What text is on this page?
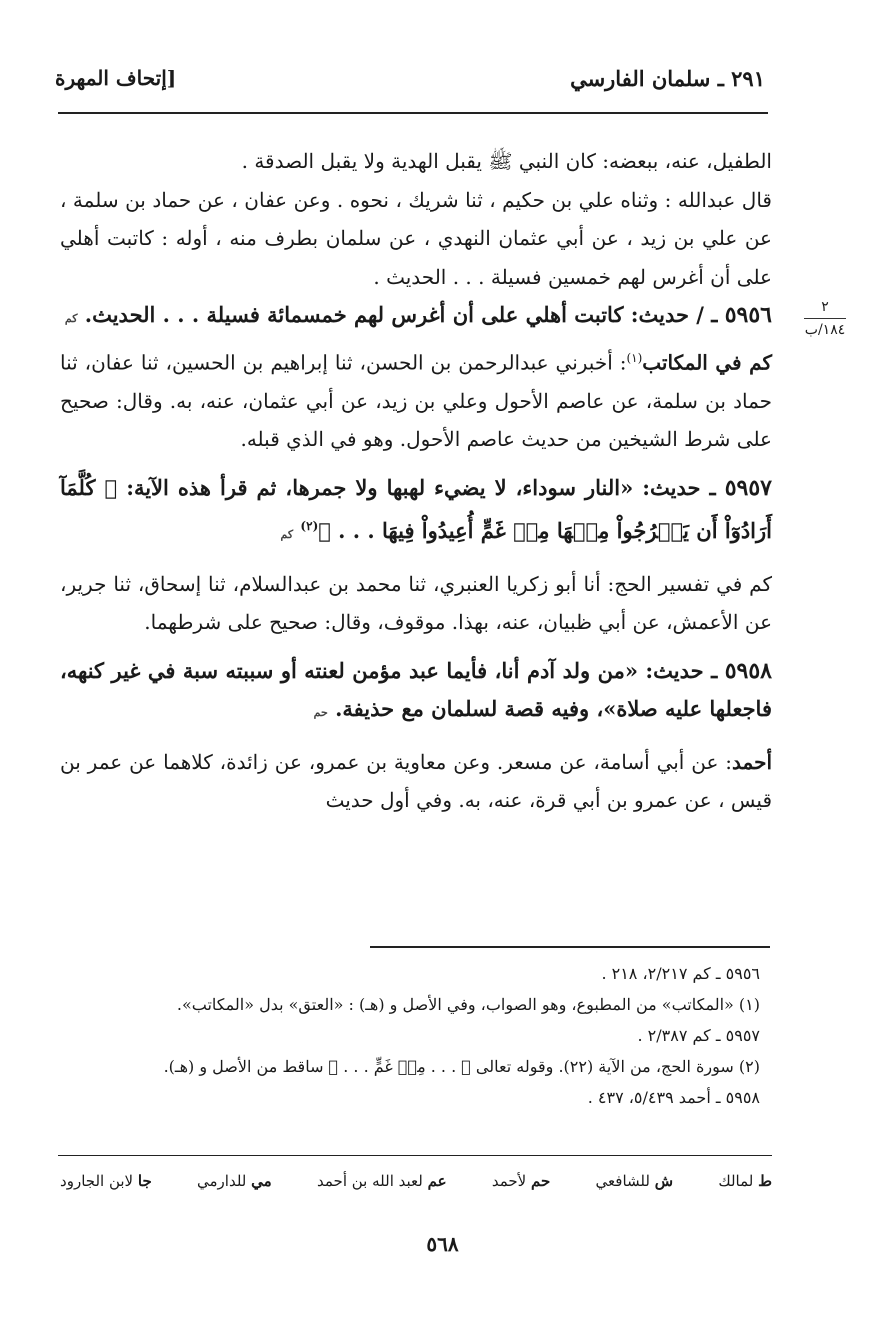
٢٩١ ـ سلمان الفارسي
[إتحاف المهرة
٢
١٨٤/ب

الطفيل، عنه، ببعضه: كان النبي ﷺ يقبل الهدية ولا يقبل الصدقة .

قال عبدالله : وثناه علي بن حكيم ، ثنا شريك ، نحوه . وعن عفان ، عن حماد بن سلمة ، عن علي بن زيد ، عن أبي عثمان النهدي ، عن سلمان بطرف منه ، أوله : كاتبت أهلي على أن أغرس لهم خمسين فسيلة . . . الحديث .

٥٩٥٦ ـ / حديث: كاتبت أهلي على أن أغرس لهم خمسمائة فسيلة . . . الحديث. كم

كم في المكاتب$^{(١)}$: أخبرني عبدالرحمن بن الحسن، ثنا إبراهيم بن الحسين، ثنا عفان، ثنا حماد بن سلمة، عن عاصم الأحول وعلي بن زيد، عن أبي عثمان، عنه، به. وقال: صحيح على شرط الشيخين من حديث عاصم الأحول. وهو في الذي قبله.

٥٩٥٧ ـ حديث: «النار سوداء، لا يضيء لهبها ولا جمرها، ثم قرأ هذه الآية: ﴿ كُلَّمَآ أَرَادُوٓاْ أَن يَخۡرُجُواْ مِنۡهَا مِنۡ غَمٍّ أُعِيدُواْ فِيهَا . . . ﴾$^{(٢)}$ كم

كم في تفسير الحج: أنا أبو زكريا العنبري، ثنا محمد بن عبدالسلام، ثنا إسحاق، ثنا جرير، عن الأعمش، عن أبي ظبيان، عنه، بهذا. موقوف، وقال: صحيح على شرطهما.

٥٩٥٨ ـ حديث: «من ولد آدم أنا، فأيما عبد مؤمن لعنته أو سببته سبة في غير كنهه، فاجعلها عليه صلاة»، وفيه قصة لسلمان مع حذيفة. حم

أحمد: عن أبي أسامة، عن مسعر. وعن معاوية بن عمرو، عن زائدة، كلاهما عن عمر بن قيس ، عن عمرو بن أبي قرة، عنه، به. وفي أول حديث

٥٩٥٦ ـ كم ٢/٢١٧، ٢١٨ .

(١) «المكاتب» من المطبوع، وهو الصواب، وفي الأصل و (هـ) : «العتق» بدل «المكاتب».

٥٩٥٧ ـ كم ٢/٣٨٧ .

(٢) سورة الحج، من الآية (٢٢). وقوله تعالى ﴿ . . . مِنۡ غَمٍّ . . . ﴾ ساقط من الأصل و (هـ).

٥٩٥٨ ـ أحمد ٥/٤٣٩، ٤٣٧ .

ط لمالك
ش للشافعي
حم لأحمد
عم لعبد الله بن أحمد
مي للدارمي
جا لابن الجارود
٥٦٨
